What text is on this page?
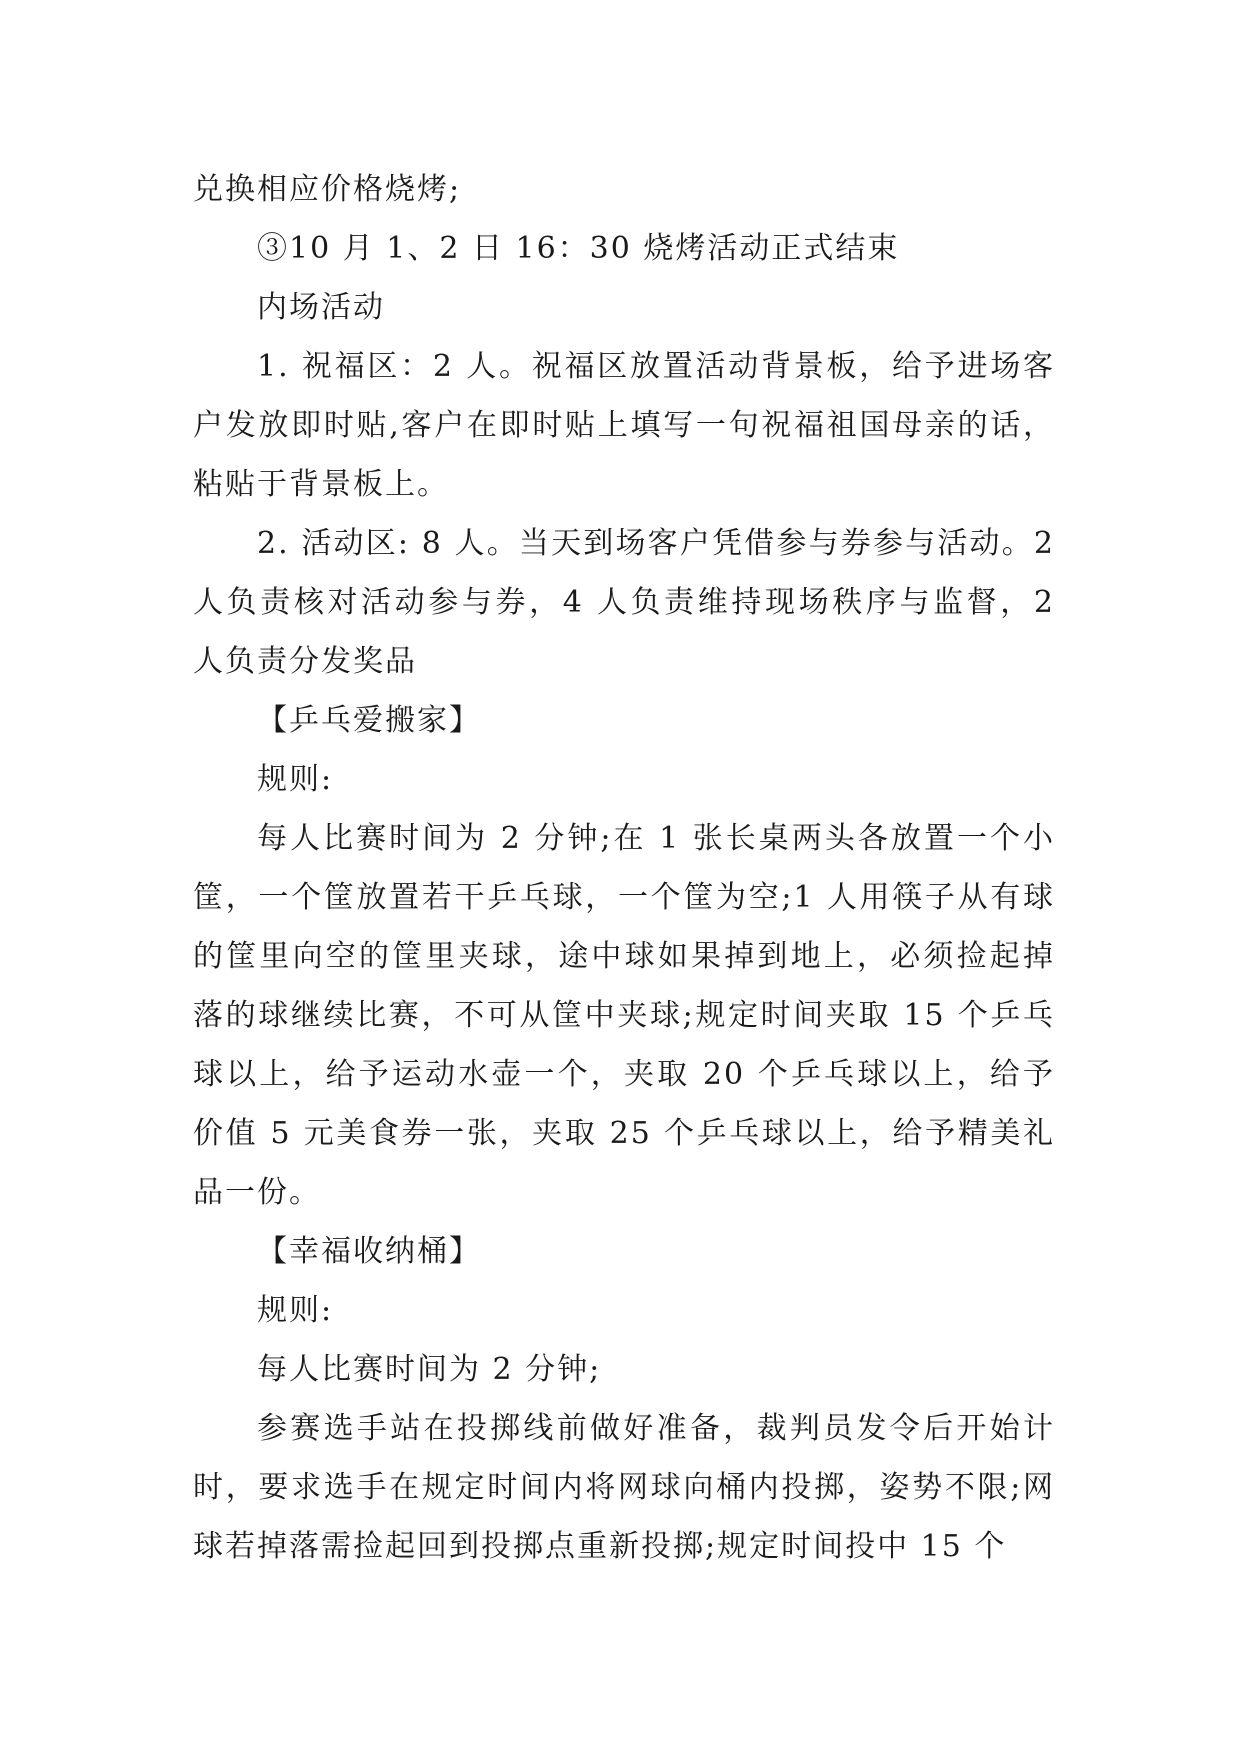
兑换相应价格烧烤;

③10 月 1、2 日 16：30 烧烤活动正式结束

内场活动

1. 祝福区：2 人。祝福区放置活动背景板，给予进场客户发放即时贴,客户在即时贴上填写一句祝福祖国母亲的话，粘贴于背景板上。

2. 活动区: 8 人。当天到场客户凭借参与券参与活动。2 人负责核对活动参与券，4 人负责维持现场秩序与监督，2 人负责分发奖品

【乒乓爱搬家】

规则:

每人比赛时间为 2 分钟;在 1 张长桌两头各放置一个小筐，一个筐放置若干乒乓球，一个筐为空;1 人用筷子从有球的筐里向空的筐里夹球，途中球如果掉到地上，必须捡起掉落的球继续比赛，不可从筐中夹球;规定时间夹取 15 个乒乓球以上，给予运动水壶一个，夹取 20 个乒乓球以上，给予价值 5 元美食券一张，夹取 25 个乒乓球以上，给予精美礼品一份。

【幸福收纳桶】

规则:

每人比赛时间为 2 分钟;

参赛选手站在投掷线前做好准备，裁判员发令后开始计时，要求选手在规定时间内将网球向桶内投掷，姿势不限;网球若掉落需捡起回到投掷点重新投掷;规定时间投中 15 个
